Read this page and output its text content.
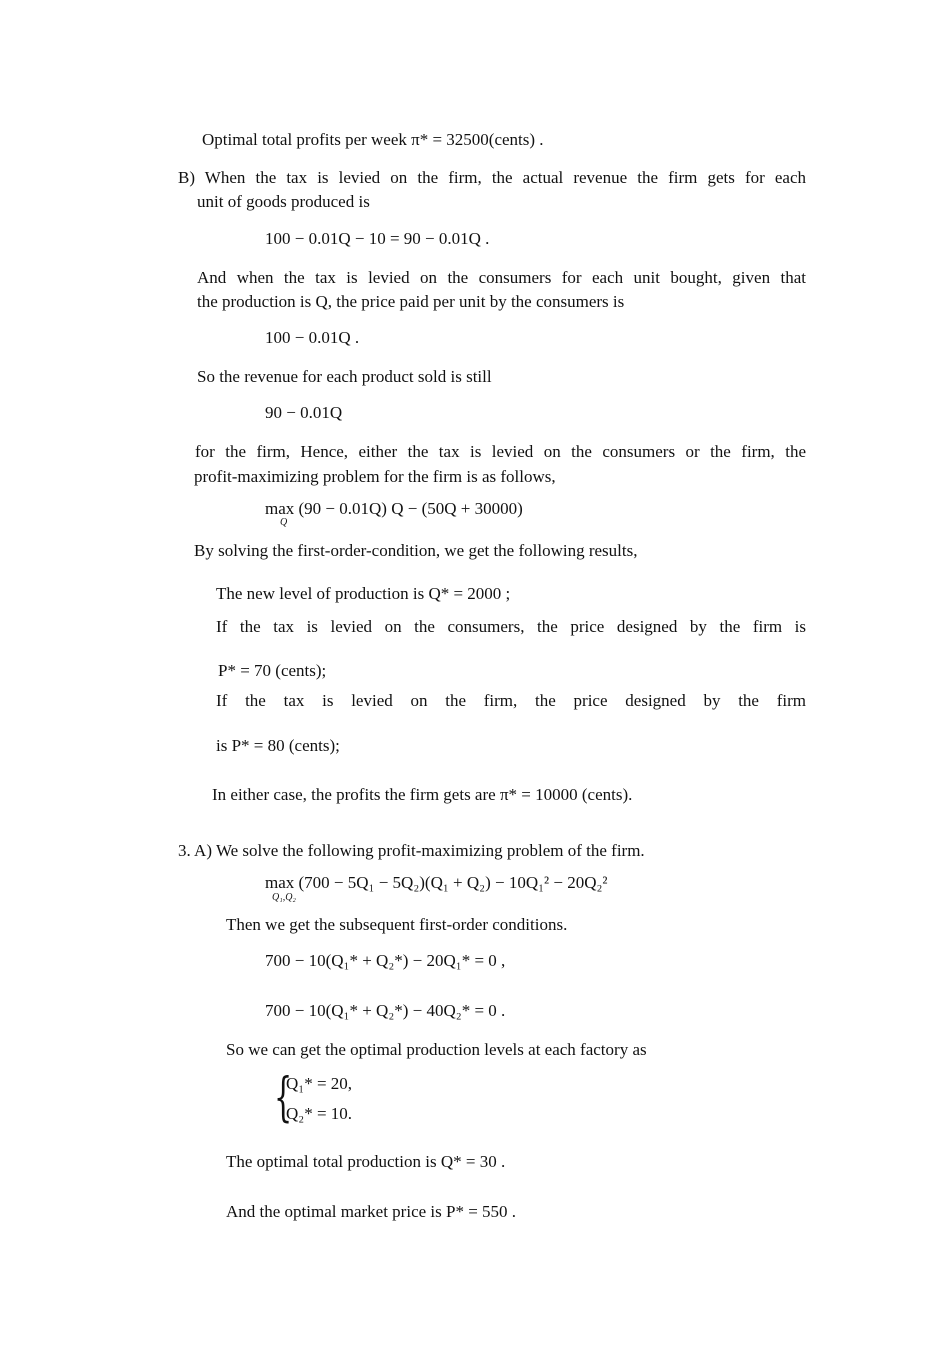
Optimal total profits per week π* = 32500(cents) .
B) When the tax is levied on the firm, the actual revenue the firm gets for each
unit of goods produced is
100 − 0.01Q − 10 = 90 − 0.01Q .
And when the tax is levied on the consumers for each unit bought, given that
the production is Q, the price paid per unit by the consumers is
100 − 0.01Q .
So the revenue for each product sold is still
90 − 0.01Q
for the firm, Hence, either the tax is levied on the consumers or the firm, the
profit-maximizing problem for the firm is as follows,
max (90 − 0.01Q) Q − (50Q + 30000)
Q
By solving the first-order-condition, we get the following results,
The new level of production is Q* = 2000 ;
If the tax is levied on the consumers, the price designed by the firm is
P* = 70 (cents);
If the tax is levied on the firm, the price designed by the firm
is P* = 80 (cents);
In either case, the profits the firm gets are π* = 10000 (cents).
3. A) We solve the following profit-maximizing problem of the firm.
max (700 − 5Q₁ − 5Q₂)(Q₁ + Q₂) − 10Q₁² − 20Q₂²
Q₁,Q₂
Then we get the subsequent first-order conditions.
700 − 10(Q₁* + Q₂*) − 20Q₁* = 0 ,
700 − 10(Q₁* + Q₂*) − 40Q₂* = 0 .
So we can get the optimal production levels at each factory as
{
Q₁* = 20,
Q₂* = 10.
The optimal total production is Q* = 30 .
And the optimal market price is P* = 550 .
